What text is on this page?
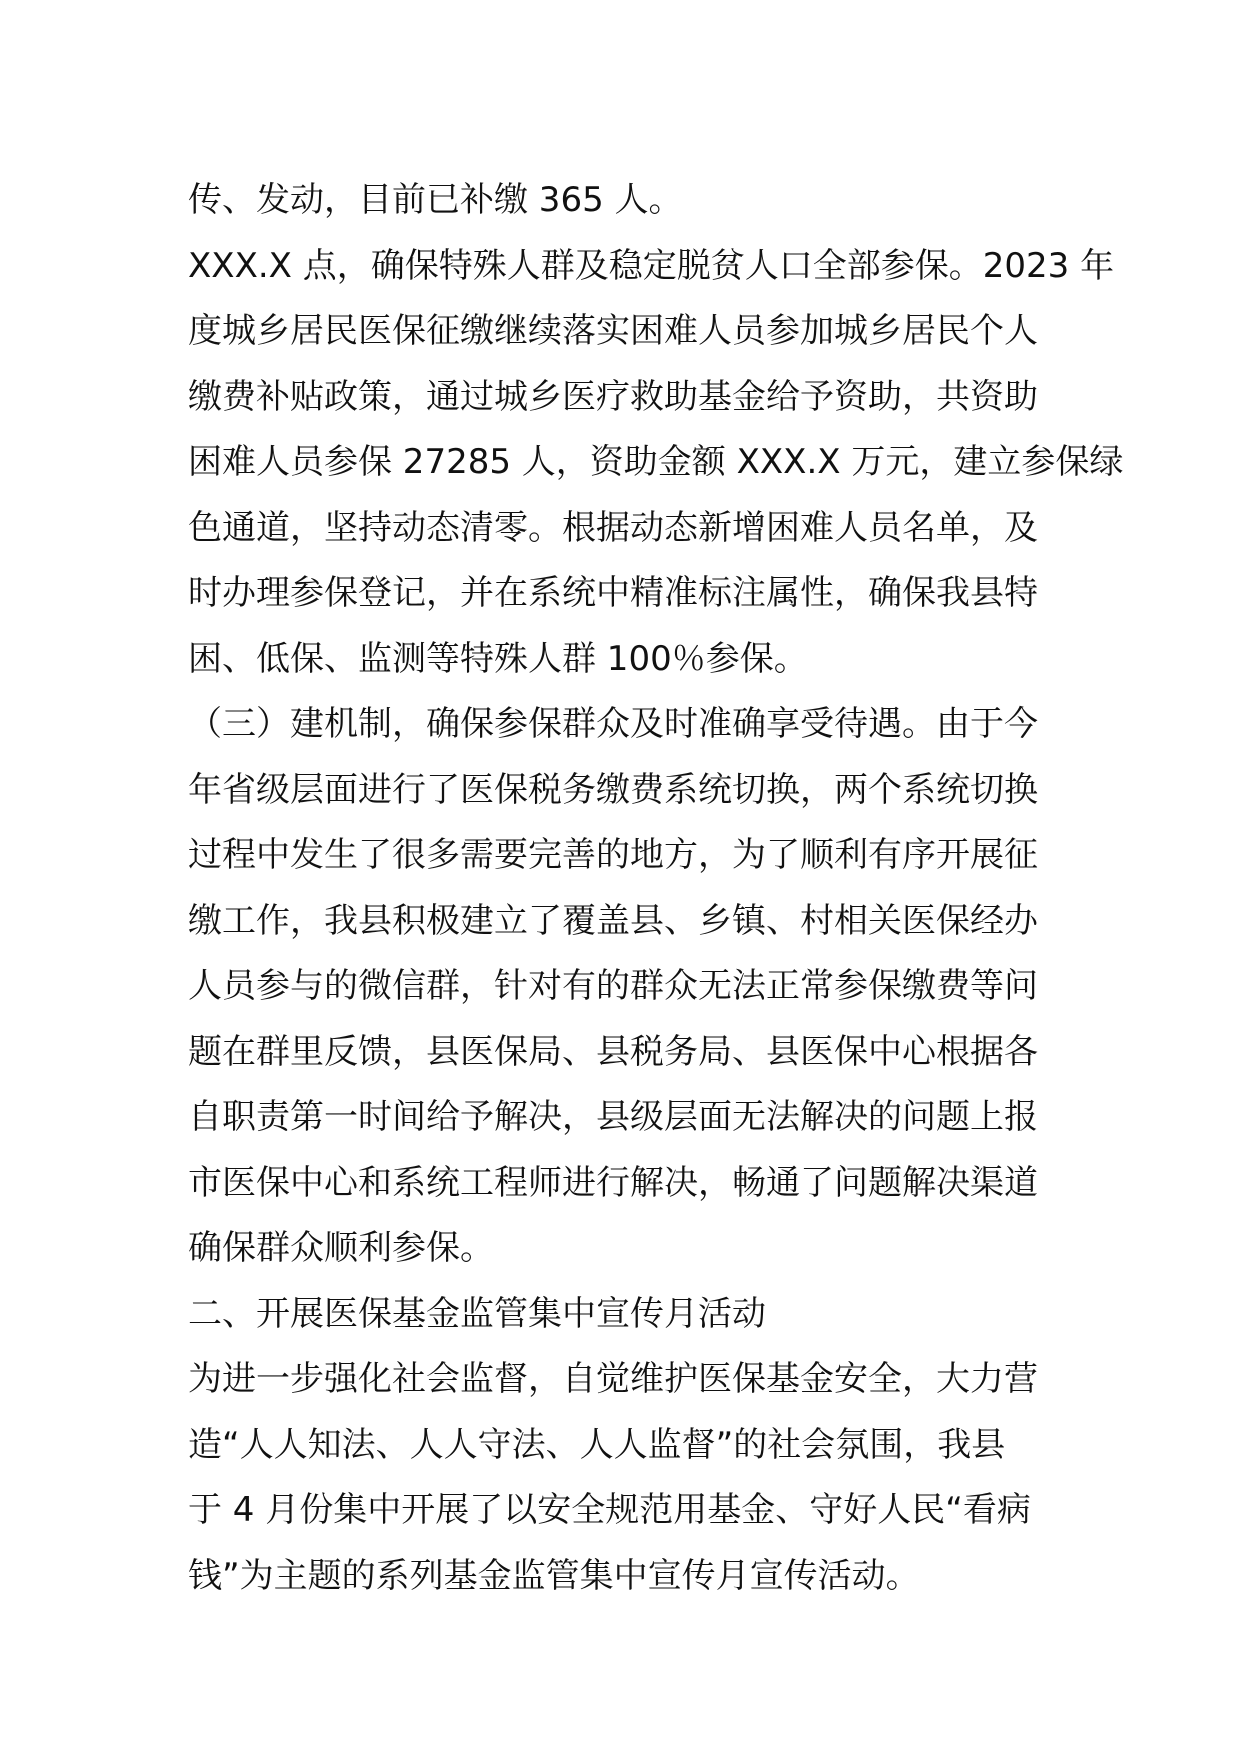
传、发动，目前已补缴 365 人。
XXX.X 点，确保特殊人群及稳定脱贫人口全部参保。2023 年
度城乡居民医保征缴继续落实困难人员参加城乡居民个人
缴费补贴政策，通过城乡医疗救助基金给予资助，共资助
困难人员参保 27285 人，资助金额 XXX.X 万元，建立参保绿
色通道，坚持动态清零。根据动态新增困难人员名单，及
时办理参保登记，并在系统中精准标注属性，确保我县特
困、低保、监测等特殊人群 100％参保。
（三）建机制，确保参保群众及时准确享受待遇。由于今
年省级层面进行了医保税务缴费系统切换，两个系统切换
过程中发生了很多需要完善的地方，为了顺利有序开展征
缴工作，我县积极建立了覆盖县、乡镇、村相关医保经办
人员参与的微信群，针对有的群众无法正常参保缴费等问
题在群里反馈，县医保局、县税务局、县医保中心根据各
自职责第一时间给予解决，县级层面无法解决的问题上报
市医保中心和系统工程师进行解决，畅通了问题解决渠道
确保群众顺利参保。
二、开展医保基金监管集中宣传月活动
为进一步强化社会监督，自觉维护医保基金安全，大力营
造“人人知法、人人守法、人人监督”的社会氛围，我县
于 4 月份集中开展了以安全规范用基金、守好人民“看病
钱”为主题的系列基金监管集中宣传月宣传活动。
